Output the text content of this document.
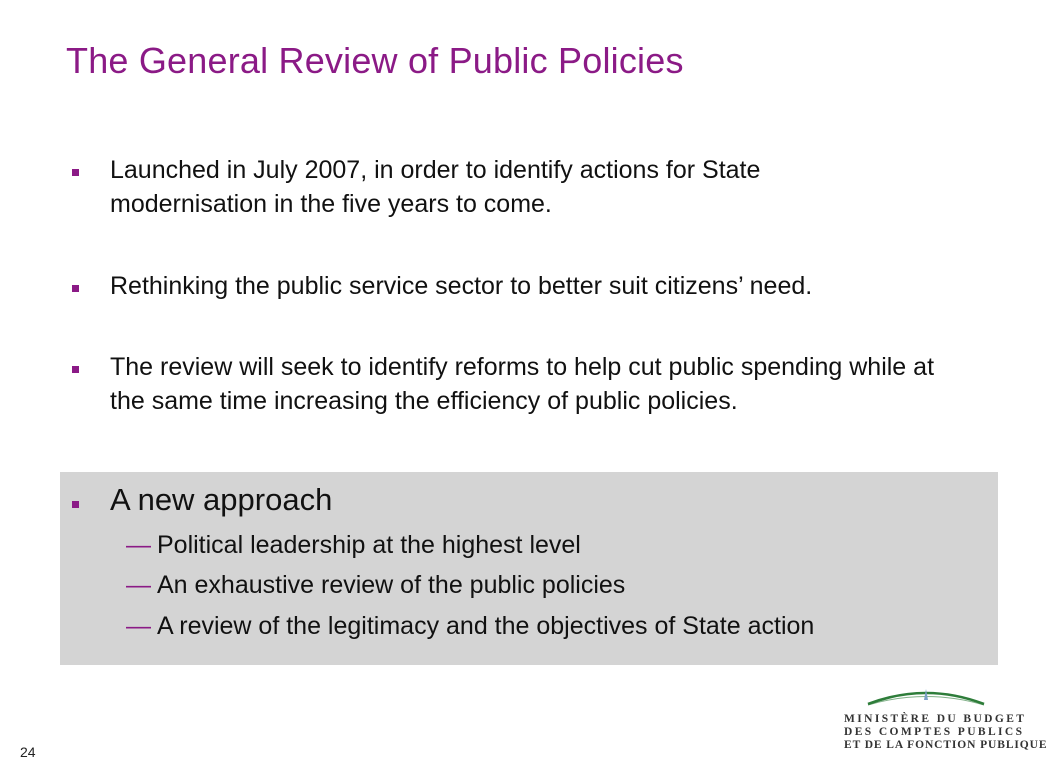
The General Review of Public Policies
Launched in July 2007, in order to identify actions for State modernisation in the five years to come.
Rethinking the public service sector to better suit citizens’ need.
The review will seek to identify reforms to help cut public spending while at the same time increasing the efficiency of public policies.
A new approach
— Political leadership at the highest level
— An exhaustive review of the public policies
— A review of the legitimacy and the objectives of State action
24
MINISTÈRE DU BUDGET
DES COMPTES PUBLICS
ET DE LA FONCTION PUBLIQUE
